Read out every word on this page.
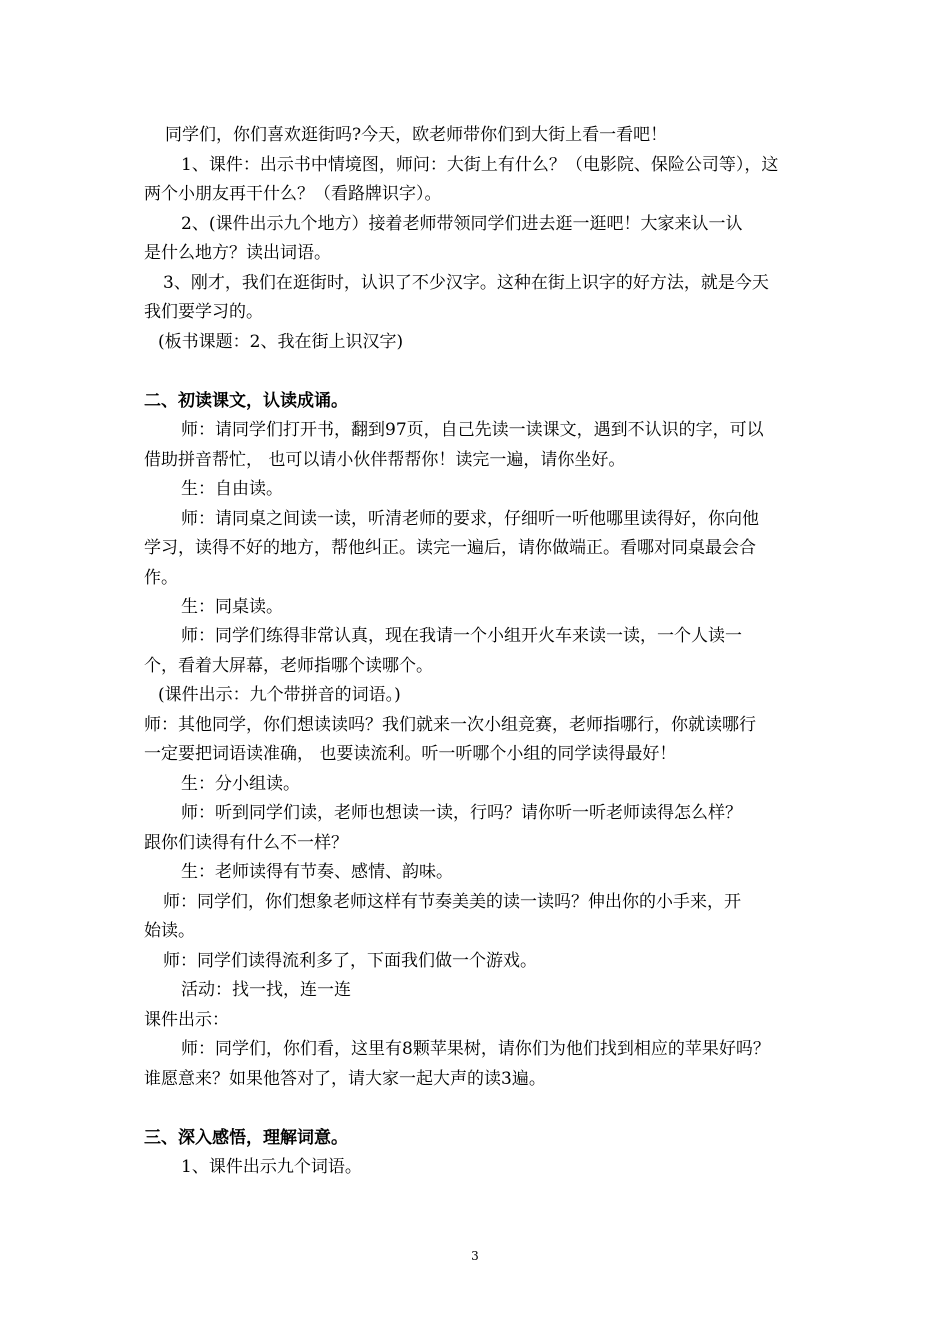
同学们，你们喜欢逛街吗?今天，欧老师带你们到大街上看一看吧！
1、课件：出示书中情境图，师问：大街上有什么？（电影院、保险公司等），这
两个小朋友再干什么？（看路牌识字）。
2、(课件出示九个地方）接着老师带领同学们进去逛一逛吧！大家来认一认
是什么地方？读出词语。
3、刚才，我们在逛街时，认识了不少汉字。这种在街上识字的好方法，就是今天
我们要学习的。
(板书课题：2、我在街上识汉字)
二、初读课文，认读成诵。
师：请同学们打开书，翻到97页，自己先读一读课文，遇到不认识的字，可以
借助拼音帮忙， 也可以请小伙伴帮帮你！读完一遍，请你坐好。
生：自由读。
师：请同桌之间读一读，听清老师的要求，仔细听一听他哪里读得好，你向他
学习，读得不好的地方，帮他纠正。读完一遍后，请你做端正。看哪对同桌最会合
作。
生：同桌读。
师：同学们练得非常认真，现在我请一个小组开火车来读一读，一个人读一
个，看着大屏幕，老师指哪个读哪个。
(课件出示：九个带拼音的词语。)
师：其他同学，你们想读读吗？我们就来一次小组竞赛，老师指哪行，你就读哪行
一定要把词语读准确， 也要读流利。听一听哪个小组的同学读得最好！
生：分小组读。
师：听到同学们读，老师也想读一读，行吗？请你听一听老师读得怎么样？
跟你们读得有什么不一样？
生：老师读得有节奏、感情、韵味。
师：同学们，你们想象老师这样有节奏美美的读一读吗？伸出你的小手来，开
始读。
师：同学们读得流利多了，下面我们做一个游戏。
活动：找一找，连一连
课件出示：
师：同学们，你们看，这里有8颗苹果树，请你们为他们找到相应的苹果好吗？
谁愿意来？如果他答对了，请大家一起大声的读3遍。
三、深入感悟，理解词意。
1、课件出示九个词语。
3
